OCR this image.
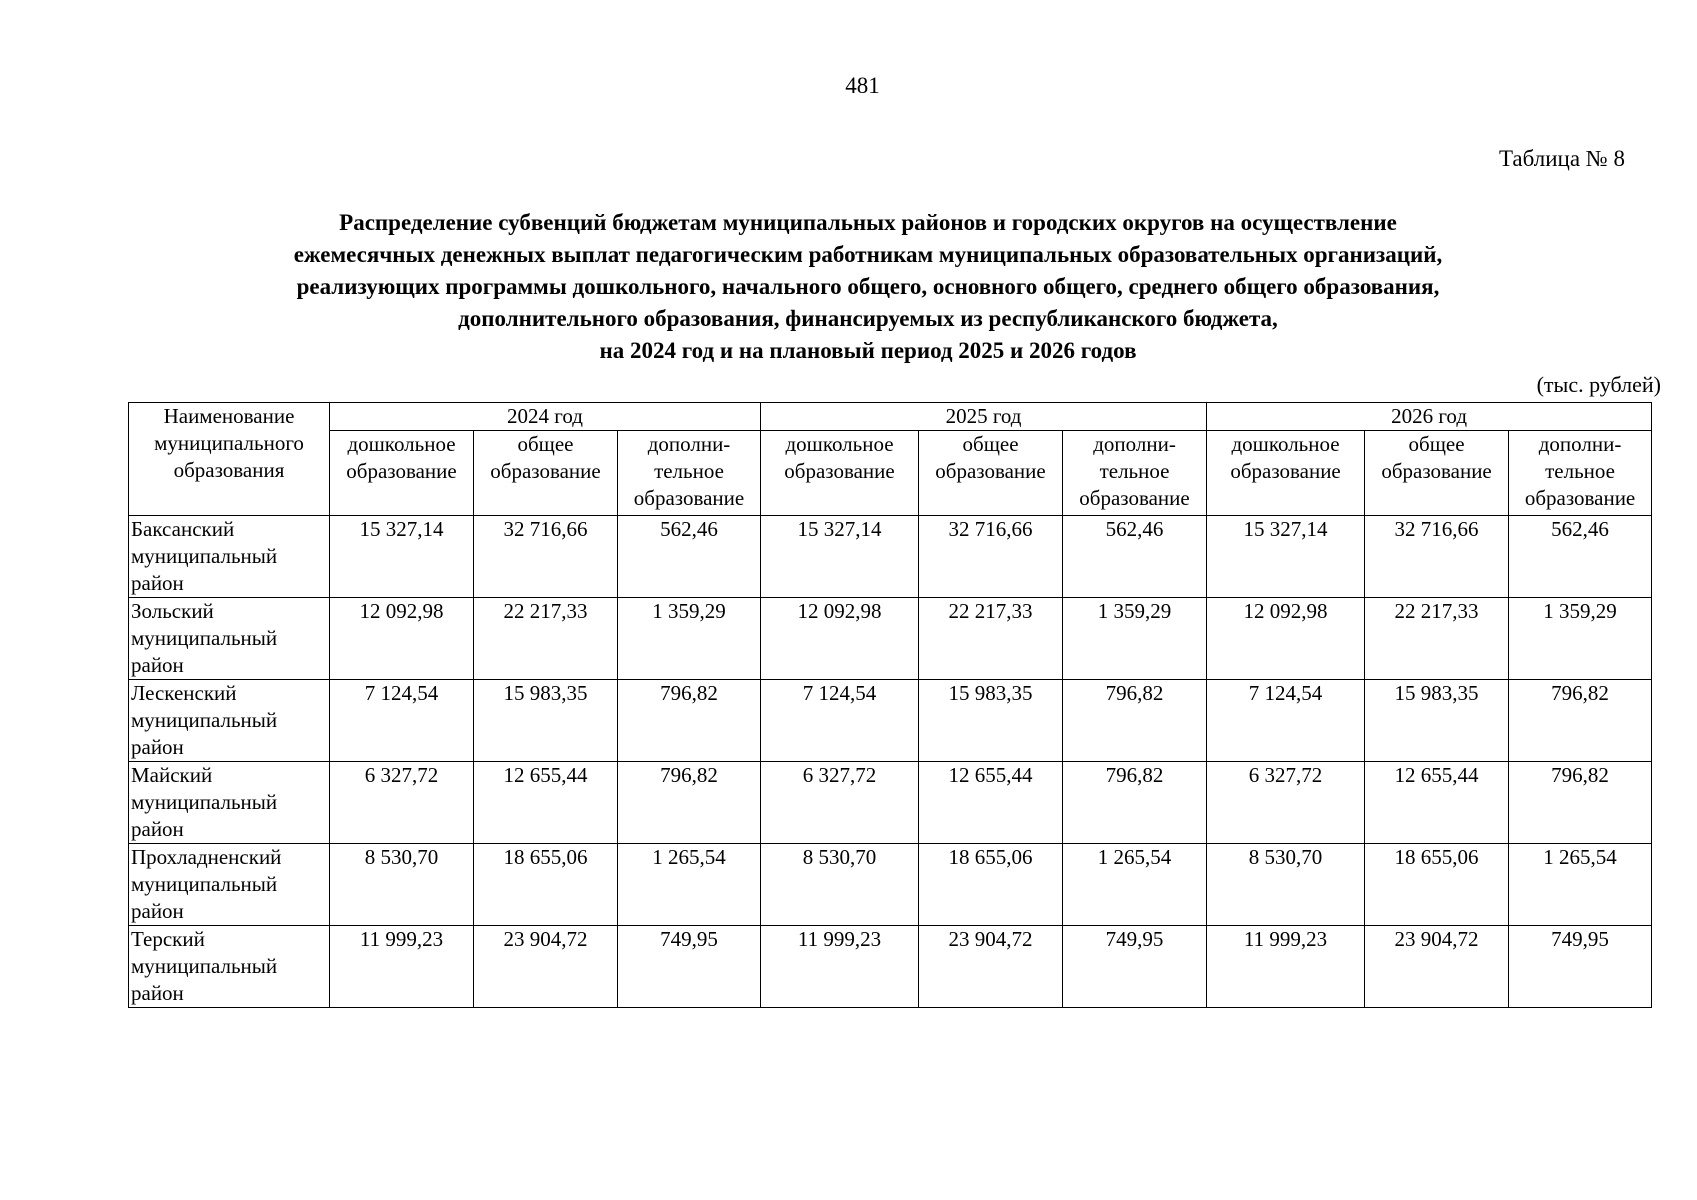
481
Таблица № 8
Распределение субвенций бюджетам муниципальных районов и городских округов на осуществление
ежемесячных денежных выплат педагогическим работникам муниципальных образовательных организаций,
реализующих программы дошкольного, начального общего, основного общего, среднего общего образования,
дополнительного образования, финансируемых из республиканского бюджета,
на 2024 год и на плановый период 2025 и 2026 годов
(тыс. рублей)
Наименование муниципального образования	2024 год			2025 год			2026 год		
	дошкольное образование	общее образование	дополни-тельное образование	дошкольное образование	общее образование	дополни-тельное образование	дошкольное образование	общее образование	дополни-тельное образование
Баксанский
муниципальный
район	15 327,14	32 716,66	562,46	15 327,14	32 716,66	562,46	15 327,14	32 716,66	562,46
Зольский
муниципальный
район	12 092,98	22 217,33	1 359,29	12 092,98	22 217,33	1 359,29	12 092,98	22 217,33	1 359,29
Лескенский
муниципальный
район	7 124,54	15 983,35	796,82	7 124,54	15 983,35	796,82	7 124,54	15 983,35	796,82
Майский
муниципальный
район	6 327,72	12 655,44	796,82	6 327,72	12 655,44	796,82	6 327,72	12 655,44	796,82
Прохладненский
муниципальный
район	8 530,70	18 655,06	1 265,54	8 530,70	18 655,06	1 265,54	8 530,70	18 655,06	1 265,54
Терский
муниципальный
район	11 999,23	23 904,72	749,95	11 999,23	23 904,72	749,95	11 999,23	23 904,72	749,95
